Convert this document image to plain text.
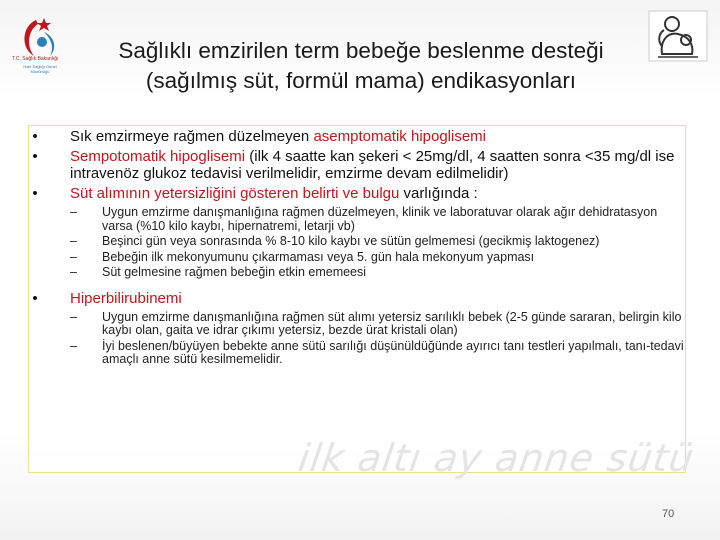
T.C. Sağlık Bakanlığı
Halk Sağlığı Genel Müdürlüğü
Sağlıklı emzirilen term bebeğe beslenme desteği
(sağılmış süt, formül mama) endikasyonları
ilk altı ay anne sütü
• Sık emzirmeye rağmen düzelmeyen asemptomatik hipoglisemi
• Sempotomatik hipoglisemi (ilk 4 saatte kan şekeri < 25mg/dl, 4 saatten sonra <35 mg/dl ise intravenöz glukoz tedavisi verilmelidir, emzirme devam edilmelidir)
• Süt alımının yetersizliğini gösteren belirti ve bulgu varlığında :
– Uygun emzirme danışmanlığına rağmen düzelmeyen, klinik ve laboratuvar olarak ağır dehidratasyon varsa (%10 kilo kaybı, hipernatremi, letarji vb)
– Beşinci gün veya sonrasında % 8-10 kilo kaybı ve sütün gelmemesi (gecikmiş laktogenez)
– Bebeğin ilk mekonyumunu çıkarmaması veya 5. gün hala mekonyum yapması
– Süt gelmesine rağmen bebeğin etkin ememeesi
• Hiperbilirubinemi
– Uygun emzirme danışmanlığına rağmen süt alımı yetersiz sarılıklı bebek (2-5 günde sararan, belirgin kilo kaybı olan, gaita ve idrar çıkımı yetersiz, bezde ürat kristali olan)
– İyi beslenen/büyüyen bebekte anne sütü sarılığı düşünüldüğünde ayırıcı tanı testleri yapılmalı, tanı-tedavi amaçlı anne sütü kesilmemelidir.
70
